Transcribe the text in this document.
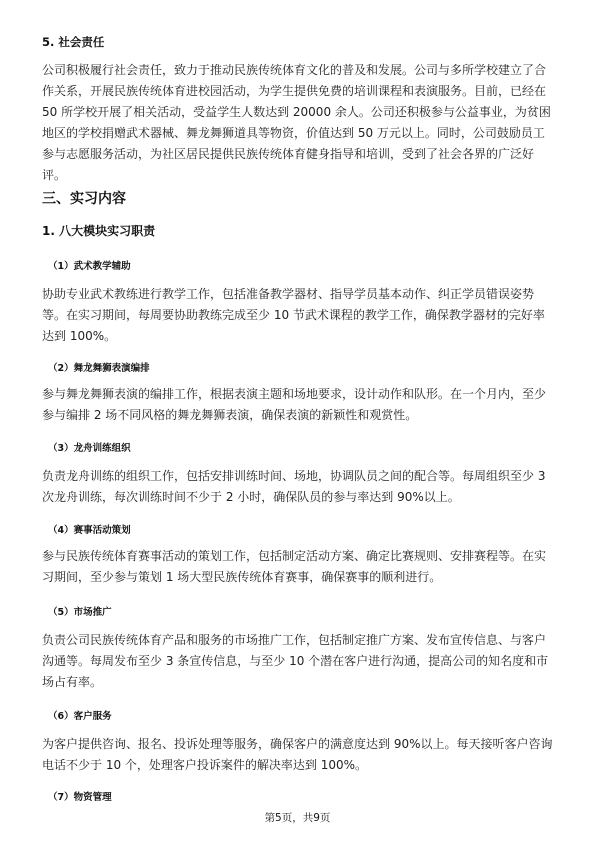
5. 社会责任

公司积极履行社会责任，致力于推动民族传统体育文化的普及和发展。公司与多所学校建立了合作关系，开展民族传统体育进校园活动，为学生提供免费的培训课程和表演服务。目前，已经在 50 所学校开展了相关活动，受益学生人数达到 20000 余人。公司还积极参与公益事业，为贫困地区的学校捐赠武术器械、舞龙舞狮道具等物资，价值达到 50 万元以上。同时，公司鼓励员工参与志愿服务活动，为社区居民提供民族传统体育健身指导和培训，受到了社会各界的广泛好评。

三、实习内容
1. 八大模块实习职责
（1）武术教学辅助

协助专业武术教练进行教学工作，包括准备教学器材、指导学员基本动作、纠正学员错误姿势等。在实习期间，每周要协助教练完成至少 10 节武术课程的教学工作，确保教学器材的完好率达到 100%。

（2）舞龙舞狮表演编排

参与舞龙舞狮表演的编排工作，根据表演主题和场地要求，设计动作和队形。在一个月内，至少参与编排 2 场不同风格的舞龙舞狮表演，确保表演的新颖性和观赏性。

（3）龙舟训练组织

负责龙舟训练的组织工作，包括安排训练时间、场地，协调队员之间的配合等。每周组织至少 3 次龙舟训练，每次训练时间不少于 2 小时，确保队员的参与率达到 90%以上。

（4）赛事活动策划

参与民族传统体育赛事活动的策划工作，包括制定活动方案、确定比赛规则、安排赛程等。在实习期间，至少参与策划 1 场大型民族传统体育赛事，确保赛事的顺利进行。

（5）市场推广

负责公司民族传统体育产品和服务的市场推广工作，包括制定推广方案、发布宣传信息、与客户沟通等。每周发布至少 3 条宣传信息，与至少 10 个潜在客户进行沟通，提高公司的知名度和市场占有率。

（6）客户服务

为客户提供咨询、报名、投诉处理等服务，确保客户的满意度达到 90%以上。每天接听客户咨询电话不少于 10 个，处理客户投诉案件的解决率达到 100%。

（7）物资管理
第5页，共9页
